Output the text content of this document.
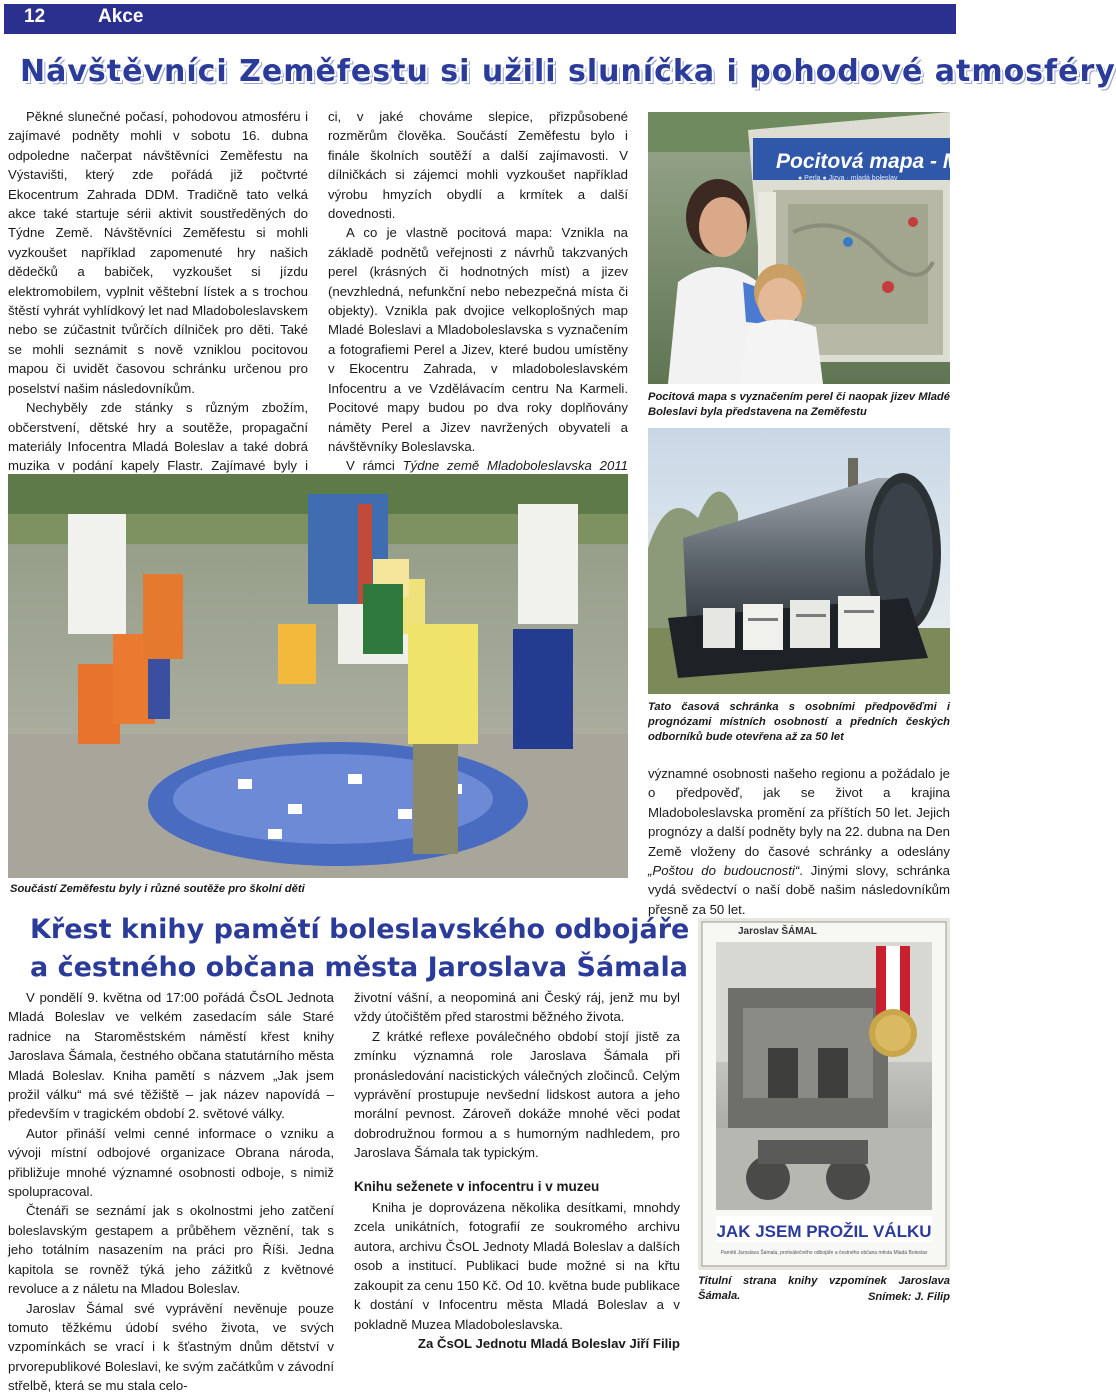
12	Akce
Návštěvníci Zeměfestu si užili sluníčka i pohodové atmosféry

Pěkné slunečné počasí, pohodovou atmosféru i zajímavé podněty mohli v sobotu 16. dubna odpoledne načerpat návštěvníci Zeměfestu na Výstavišti, který zde pořádá již počtvrté Ekocentrum Zahrada DDM. Tradičně tato velká akce také startuje sérii aktivit soustředěných do Týdne Země. Návštěvníci Zeměfestu si mohli vyzkoušet například zapomenuté hry našich dědečků a babiček, vyzkoušet si jízdu elektromobilem, vyplnit věštební lístek a s trochou štěstí vyhrát vyhlídkový let nad Mladoboleslavskem nebo se zúčastnit tvůrčích dílniček pro děti. Také se mohli seznámit s nově vzniklou pocitovou mapou či uvidět časovou schránku určenou pro poselství našim následovníkům.

Nechyběly zde stánky s různým zbožím, občerstvení, dětské hry a soutěže, propagační materiály Infocentra Mladá Boleslav a také dobrá muzika v podání kapely Flastr. Zajímavé byly i

ci, v jaké chováme slepice, přizpůsobené rozměrům člověka. Součástí Zeměfestu bylo i finále školních soutěží a další zajímavosti. V dílničkách si zájemci mohli vyzkoušet například výrobu hmyzích obydlí a krmítek a další dovednosti.

A co je vlastně pocitová mapa: Vznikla na základě podnětů veřejnosti z návrhů takzvaných perel (krásných či hodnotných míst) a jizev (nevzhledná, nefunkční nebo nebezpečná místa či objekty). Vznikla pak dvojice velkoplošných map Mladé Boleslavi a Mladoboleslavska s vyznačením a fotografiemi Perel a Jizev, které budou umístěny v Ekocentru Zahrada, v mladoboleslavském Infocentru a ve Vzdělávacím centru Na Karmeli. Pocitové mapy budou po dva roky doplňovány náměty Perel a Jizev navržených obyvateli a návštěvníky Boleslavska.

V rámci Týdne země Mladoboleslavska 2011

Pocitová mapa - Mladá Bolesl
● Perla ● Jizva · mladá boleslav
Pocitová mapa s vyznačením perel či naopak jizev Mladé Boleslavi byla představena na Zeměfestu
Tato časová schránka s osobními předpověďmi i prognózami místních osobností a předních českých odborníků bude otevřena až za 50 let
Součástí Zeměfestu byly i různé soutěže pro školní děti

významné osobnosti našeho regionu a požádalo je o předpověď, jak se život a krajina Mladoboleslavska promění za příštích 50 let. Jejich prognózy a další podněty byly na 22. dubna na Den Země vloženy do časové schránky a odeslány „Poštou do budoucnosti“. Jinými slovy, schránka vydá svědectví o naší době našim následovníkům přesně za 50 let.

Křest knihy pamětí boleslavského odbojáře
a čestného občana města Jaroslava Šámala

V pondělí 9. května od 17:00 pořádá ČsOL Jednota Mladá Boleslav ve velkém zasedacím sále Staré radnice na Staroměstském náměstí křest knihy Jaroslava Šámala, čestného občana statutárního města Mladá Boleslav. Kniha pamětí s názvem „Jak jsem prožil válku“ má své těžiště – jak název napovídá – především v tragickém období 2. světové války.

Autor přináší velmi cenné informace o vzniku a vývoji místní odbojové organizace Obrana národa, přibližuje mnohé významné osobnosti odboje, s nimiž spolupracoval.

Čtenáři se seznámí jak s okolnostmi jeho zatčení boleslavským gestapem a průběhem věznění, tak s jeho totálním nasazením na práci pro Říši. Jedna kapitola se rovněž týká jeho zážitků z květnové revoluce a z náletu na Mladou Boleslav.

Jaroslav Šámal své vyprávění nevěnuje pouze tomuto těžkému údobí svého života, ve svých vzpomínkách se vrací i k šťastným dnům dětství v prvorepublikové Boleslavi, ke svým začátkům v závodní střelbě, která se mu stala celo-

životní vášní, a neopominá ani Český ráj, jenž mu byl vždy útočištěm před starostmi běžného života.

Z krátké reflexe poválečného období stojí jistě za zmínku významná role Jaroslava Šámala při pronásledování nacistických válečných zločinců. Celým vyprávění prostupuje nevšední lidskost autora a jeho morální pevnost. Zároveň dokáže mnohé věci podat dobrodružnou formou a s humorným nadhledem, pro Jaroslava Šámala tak typickým.

Knihu seženete v infocentru i v muzeu

Kniha je doprovázena několika desítkami, mnohdy zcela unikátních, fotografií ze soukromého archivu autora, archivu ČsOL Jednoty Mladá Boleslav a dalších osob a institucí. Publikaci bude možné si na křtu zakoupit za cenu 150 Kč. Od 10. května bude publikace k dostání v Infocentru města Mladá Boleslav a v pokladně Muzea Mladoboleslavska.

Za ČsOL Jednotu Mladá Boleslav Jiří Filip
Jaroslav ŠÁMAL
JAK JSEM PROŽIL VÁLKU
Paměti Jaroslava Šámala, protiválečného odbojáře a čestného občana města Mladá Boleslav
Titulní strana knihy vzpomínek Jaroslava Šámala.	Snímek: J. Filip
